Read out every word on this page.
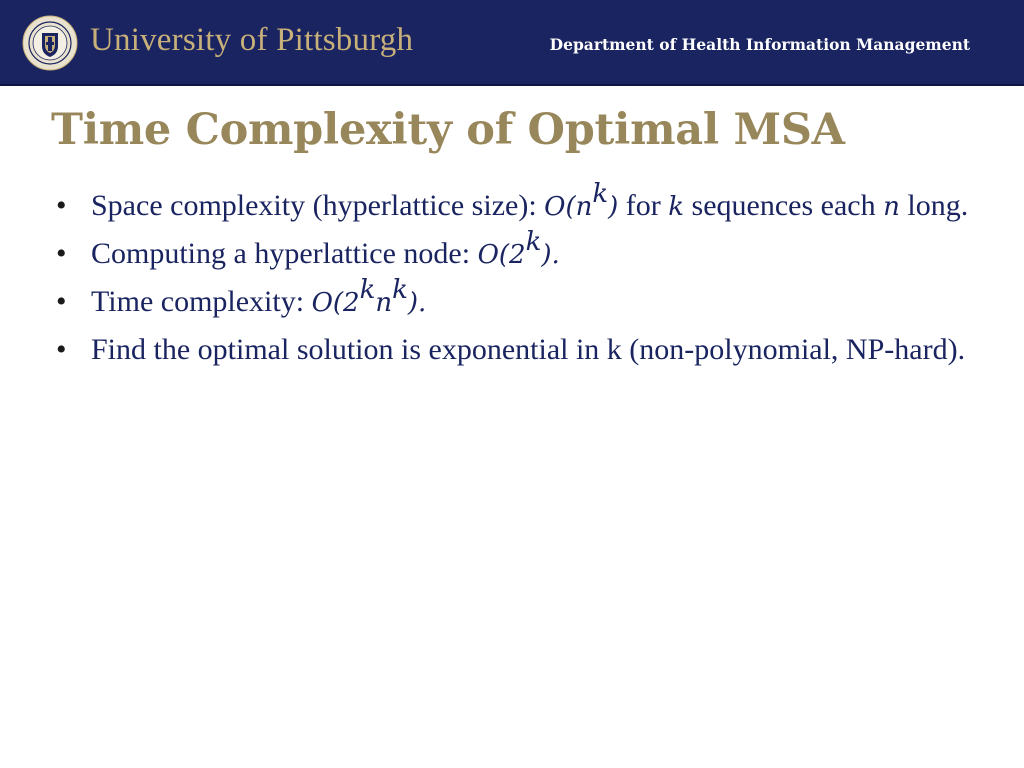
University of Pittsburgh	Department of Health Information Management
Time Complexity of Optimal MSA
• Space complexity (hyperlattice size): $O(n^k)$ for k sequences each n long.
• Computing a hyperlattice node: O(2$^k$).
• Time complexity: $O(2^kn^k)$.
• Find the optimal solution is exponential in k (non-polynomial, NP-hard).
